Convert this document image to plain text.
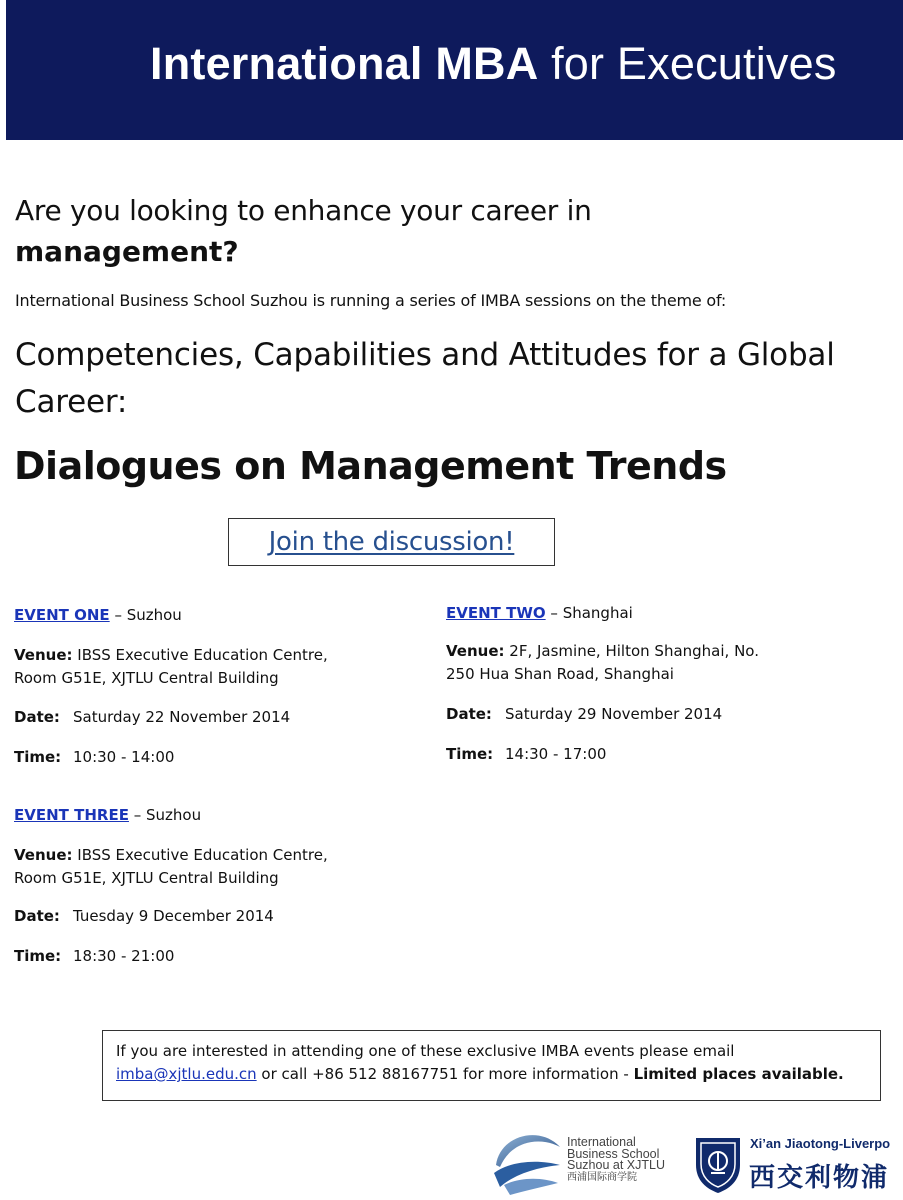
International MBA for Executives
Are you looking to enhance your career in
management?
International Business School Suzhou is running a series of IMBA sessions on the theme of:
Competencies, Capabilities and Attitudes for a Global Career:
Dialogues on Management Trends
Join the discussion!
EVENT ONE – Suzhou
Venue: IBSS Executive Education Centre,
Room G51E, XJTLU Central Building
Date: Saturday 22 November 2014
Time: 10:30 - 14:00
EVENT TWO – Shanghai
Venue: 2F, Jasmine, Hilton Shanghai, No.
250 Hua Shan Road, Shanghai
Date: Saturday 29 November 2014
Time: 14:30 - 17:00
EVENT THREE – Suzhou
Venue: IBSS Executive Education Centre,
Room G51E, XJTLU Central Building
Date: Tuesday 9 December 2014
Time: 18:30 - 21:00
If you are interested in attending one of these exclusive IMBA events please email
imba@xjtlu.edu.cn or call +86 512 88167751 for more information - Limited places available.
International
Business School
Suzhou at XJTLU
西浦国际商学院
Xi’an Jiaotong-Liverpo
西交利物浦
